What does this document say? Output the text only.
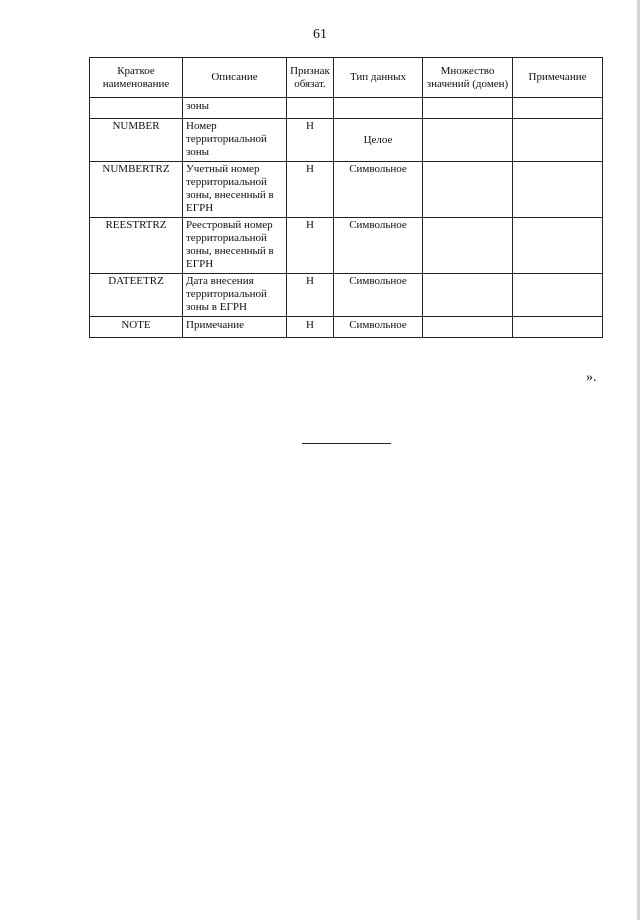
61
Краткое наименование	Описание	Признак обязат.	Тип данных	Множество значений (домен)	Примечание
	зоны				
NUMBER	Номер территориальной зоны	Н	Целое		
NUMBERTRZ	Учетный номер территориальной зоны, внесенный в ЕГРН	Н	Символьное		
REESTRTRZ	Реестровый номер территориальной зоны, внесенный в ЕГРН	Н	Символьное		
DATEETRZ	Дата внесения территориальной зоны в ЕГРН	Н	Символьное		
NOTE	Примечание	Н	Символьное		
».
